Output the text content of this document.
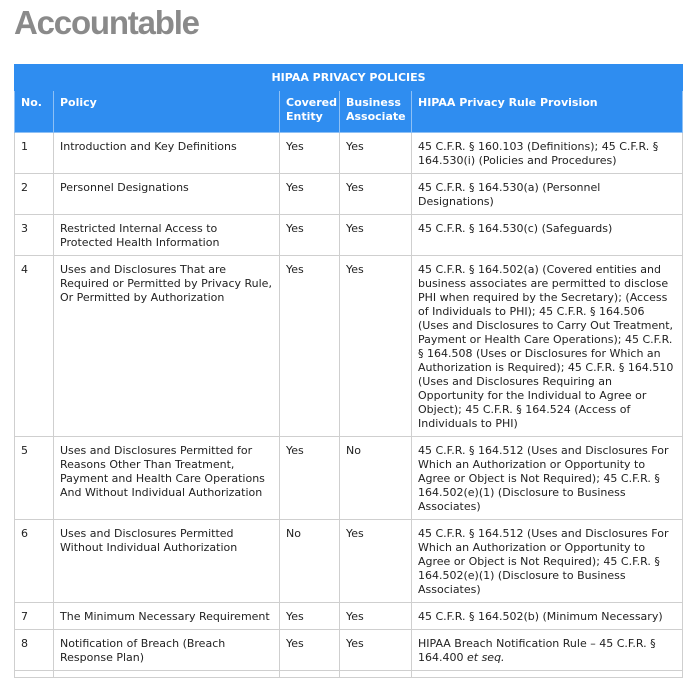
Accountable
HIPAA PRIVACY POLICIES				
No.	Policy	Covered Entity	Business Associate	HIPAA Privacy Rule Provision
1	Introduction and Key Definitions	Yes	Yes	45 C.F.R. § 160.103 (Definitions); 45 C.F.R. § 164.530(i) (Policies and Procedures)
2	Personnel Designations	Yes	Yes	45 C.F.R. § 164.530(a) (Personnel Designations)
3	Restricted Internal Access to Protected Health Information	Yes	Yes	45 C.F.R. § 164.530(c) (Safeguards)
4	Uses and Disclosures That are Required or Permitted by Privacy Rule, Or Permitted by Authorization	Yes	Yes	45 C.F.R. § 164.502(a) (Covered entities and business associates are permitted to disclose PHI when required by the Secretary); (Access of Individuals to PHI); 45 C.F.R. § 164.506 (Uses and Disclosures to Carry Out Treatment, Payment or Health Care Operations); 45 C.F.R. § 164.508 (Uses or Disclosures for Which an Authorization is Required); 45 C.F.R. § 164.510 (Uses and Disclosures Requiring an Opportunity for the Individual to Agree or Object); 45 C.F.R. § 164.524 (Access of Individuals to PHI)
5	Uses and Disclosures Permitted for Reasons Other Than Treatment, Payment and Health Care Operations And Without Individual Authorization	Yes	No	45 C.F.R. § 164.512 (Uses and Disclosures For Which an Authorization or Opportunity to Agree or Object is Not Required); 45 C.F.R. § 164.502(e)(1) (Disclosure to Business Associates)
6	Uses and Disclosures Permitted Without Individual Authorization	No	Yes	45 C.F.R. § 164.512 (Uses and Disclosures For Which an Authorization or Opportunity to Agree or Object is Not Required); 45 C.F.R. § 164.502(e)(1) (Disclosure to Business Associates)
7	The Minimum Necessary Requirement	Yes	Yes	45 C.F.R. § 164.502(b) (Minimum Necessary)
8	Notification of Breach (Breach Response Plan)	Yes	Yes	HIPAA Breach Notification Rule – 45 C.F.R. § 164.400 et seq.
